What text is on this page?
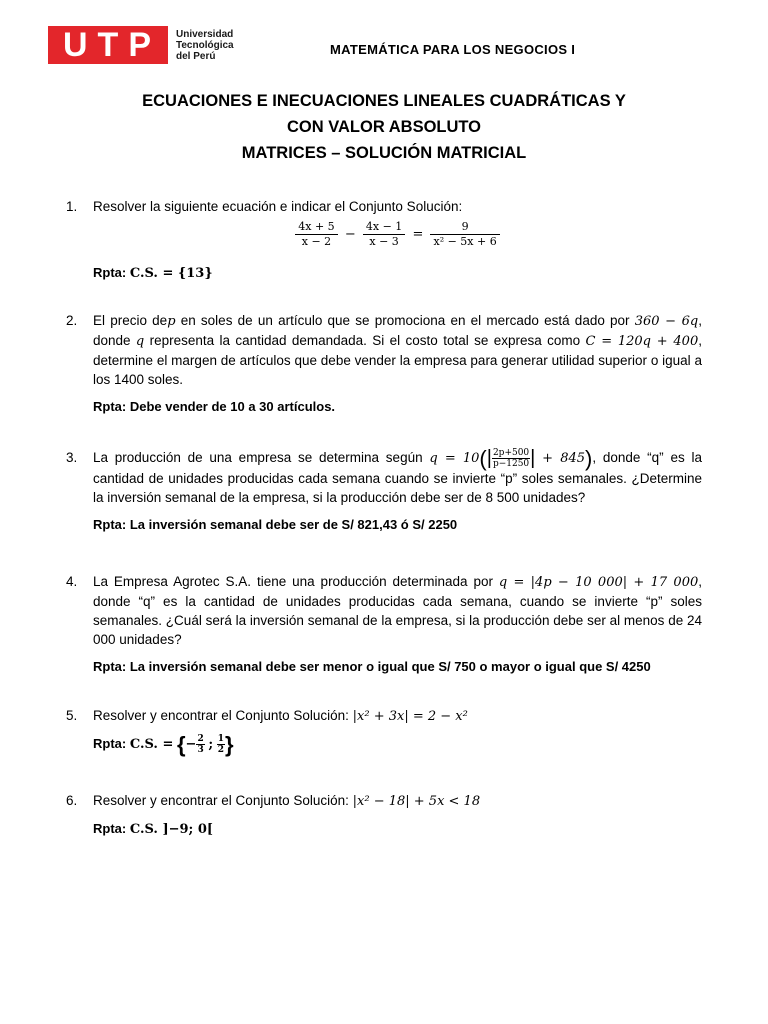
UTP Universidad
Tecnológica
del Perú	MATEMÁTICA PARA LOS NEGOCIOS I
ECUACIONES E INECUACIONES LINEALES CUADRÁTICAS Y
CON VALOR ABSOLUTO
MATRICES – SOLUCIÓN MATRICIAL
1. Resolver la siguiente ecuación e indicar el Conjunto Solución:
$\frac{4x + 5}{x - 2} - \frac{4x - 1}{x - 3} = \frac{9}{\text{x² − 5x + 6}}$
Rpta: C.S. = {13}
2. El precio dep en soles de un artículo que se promociona en el mercado está dado por 360 − 6q, donde q representa la cantidad demandada. Si el costo total se expresa como C = 120q + 400, determine el margen de artículos que debe vender la empresa para generar utilidad superior o igual a los 1400 soles.
Rpta: Debe vender de 10 a 30 artículos.
3. La producción de una empresa se determina según $q = 10(| \frac{2p+500}{p-1250}$ | + 845), donde “q” es la cantidad de unidades producidas cada semana cuando se invierte “p” soles semanales. ¿Determine la inversión semanal de la empresa, si la producción debe ser de 8 500 unidades?
Rpta: La inversión semanal debe ser de S/ 821,43 ó S/ 2250
4. La Empresa Agrotec S.A. tiene una producción determinada por q = |4p − 10 000| + 17 000, donde “q” es la cantidad de unidades producidas cada semana, cuando se invierte “p” soles semanales. ¿Cuál será la inversión semanal de la empresa, si la producción debe ser al menos de 24 000 unidades?
Rpta: La inversión semanal debe ser menor o igual que S/ 750 o mayor o igual que S/ 4250
5. Resolver y encontrar el Conjunto Solución: |x² + 3x| = 2 − x²
Rpta: C.S. = {− $\frac{2}{3}$ ; $\frac{1}{2}$ }
6. Resolver y encontrar el Conjunto Solución: |x² − 18| + 5x < 18
Rpta: C.S. ]−9; 0[
